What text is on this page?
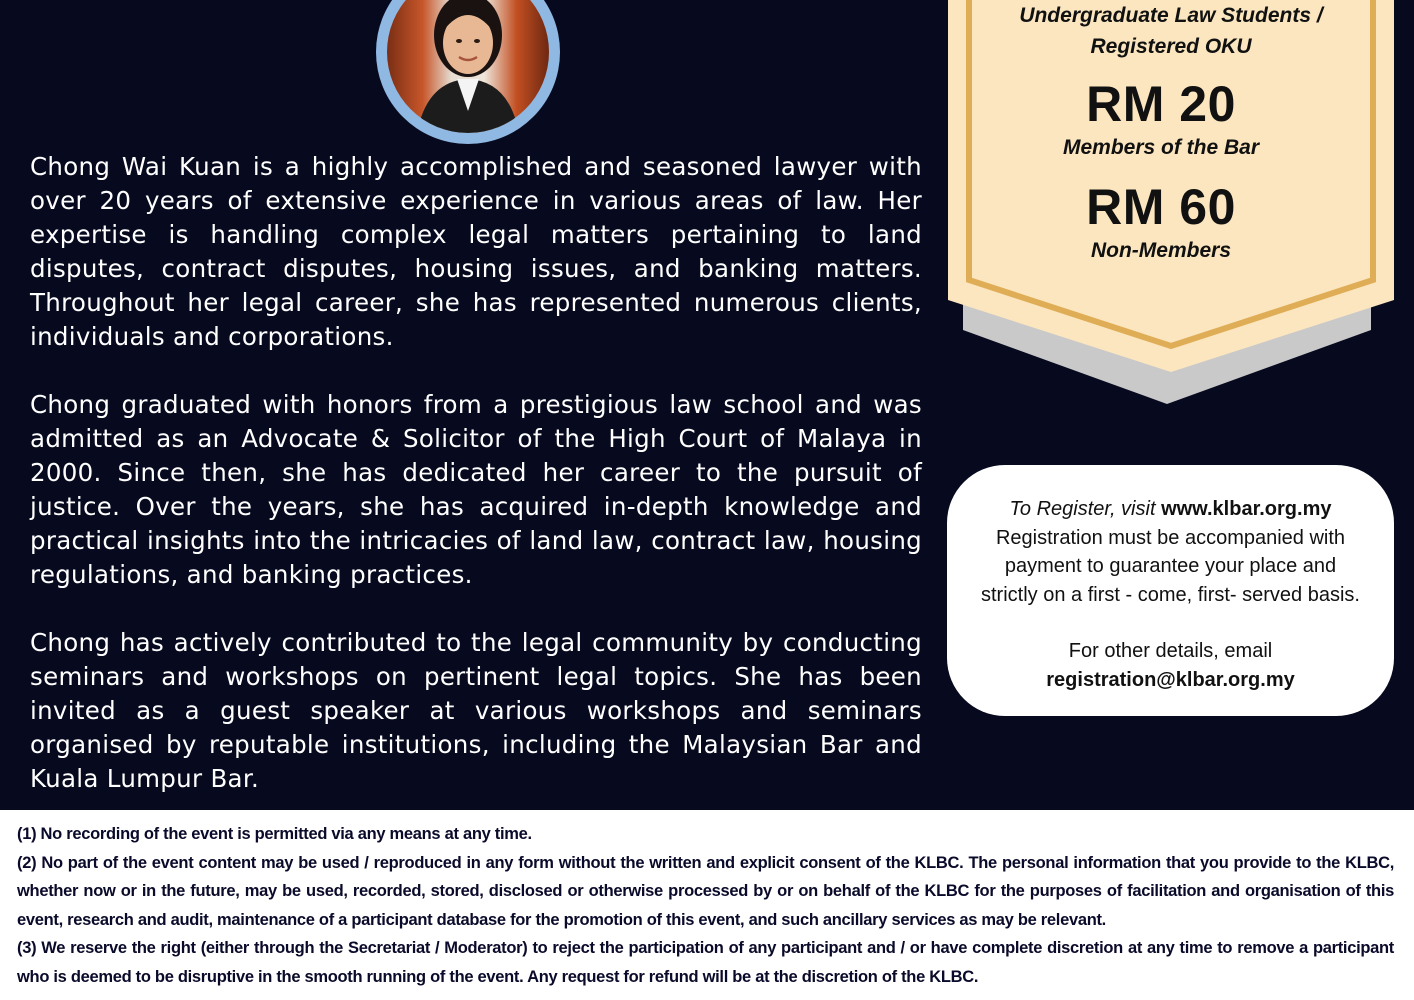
Chong Wai Kuan is a highly accomplished and seasoned lawyer with over 20 years of extensive experience in various areas of law. Her expertise is handling complex legal matters pertaining to land disputes, contract disputes, housing issues, and banking matters. Throughout her legal career, she has represented numerous clients, individuals and corporations.

Chong graduated with honors from a prestigious law school and was admitted as an Advocate & Solicitor of the High Court of Malaya in 2000. Since then, she has dedicated her career to the pursuit of justice. Over the years, she has acquired in-depth knowledge and practical insights into the intricacies of land law, contract law, housing regulations, and banking practices.

Chong has actively contributed to the legal community by conducting seminars and workshops on pertinent legal topics. She has been invited as a guest speaker at various workshops and seminars organised by reputable institutions, including the Malaysian Bar and Kuala Lumpur Bar.

Undergraduate Law Students /

Registered OKU

RM 20

Members of the Bar

RM 60

Non-Members

To Register, visit www.klbar.org.my
Registration must be accompanied with
payment to guarantee your place and
strictly on a first - come, first- served basis.
For other details, email
registration@klbar.org.my

(1) No recording of the event is permitted via any means at any time.

(2) No part of the event content may be used / reproduced in any form without the written and explicit consent of the KLBC. The personal information that you provide to the KLBC, whether now or in the future, may be used, recorded, stored, disclosed or otherwise processed by or on behalf of the KLBC for the purposes of facilitation and organisation of this event, research and audit, maintenance of a participant database for the promotion of this event, and such ancillary services as may be relevant.

(3) We reserve the right (either through the Secretariat / Moderator) to reject the participation of any participant and / or have complete discretion at any time to remove a participant who is deemed to be disruptive in the smooth running of the event. Any request for refund will be at the discretion of the KLBC.
